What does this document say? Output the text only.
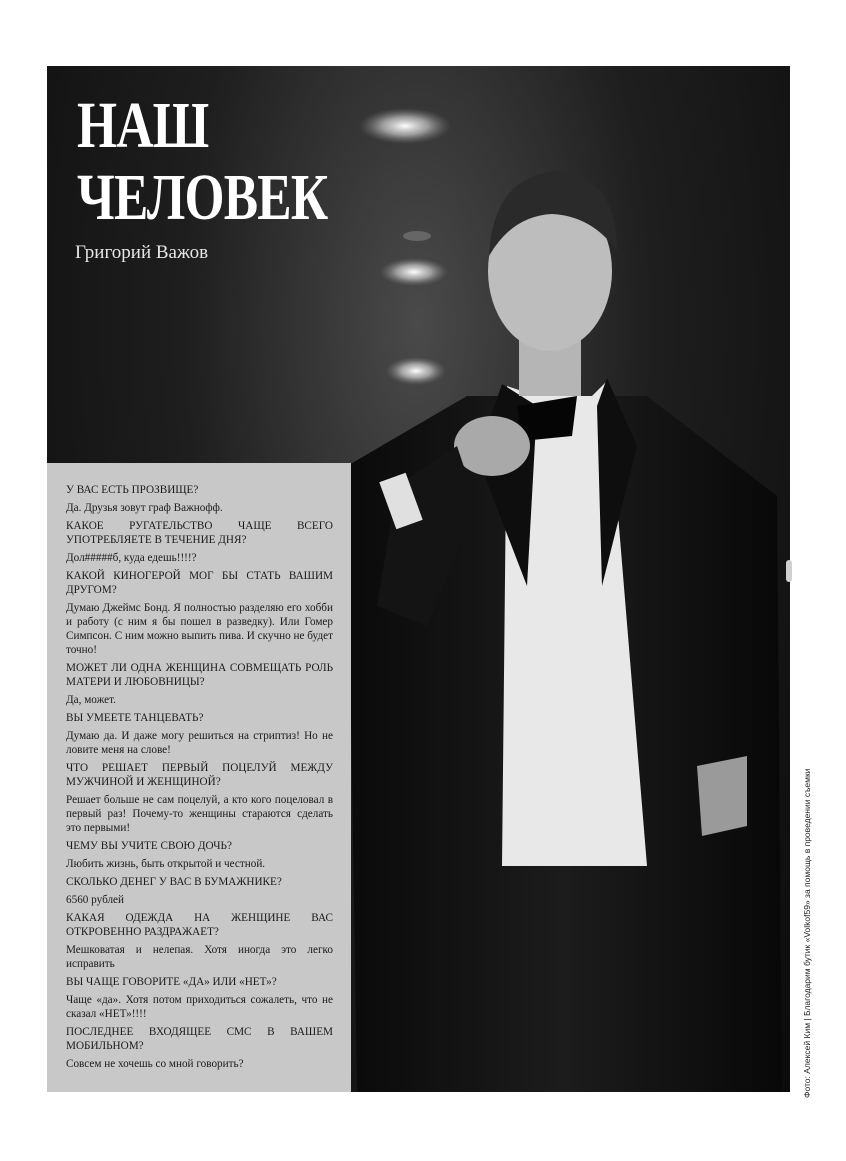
НАШ
ЧЕЛОВЕК
Григорий Важов

У ВАС ЕСТЬ ПРОЗВИЩЕ?

Да. Друзья зовут граф Важнофф.

КАКОЕ РУГАТЕЛЬСТВО ЧАЩЕ ВСЕГО УПОТРЕБЛЯЕТЕ В ТЕЧЕНИЕ ДНЯ?

Дол#####б, куда едешь!!!!?

КАКОЙ КИНОГЕРОЙ МОГ БЫ СТАТЬ ВАШИМ ДРУГОМ?

Думаю Джеймс Бонд. Я полностью разделяю его хобби и работу (с ним я бы пошел в разведку). Или Гомер Симпсон. С ним можно выпить пива. И скучно не будет точно!

МОЖЕТ ЛИ ОДНА ЖЕНЩИНА СОВМЕЩАТЬ РОЛЬ МАТЕРИ И ЛЮБОВНИЦЫ?

Да, может.

ВЫ УМЕЕТЕ ТАНЦЕВАТЬ?

Думаю да. И даже могу решиться на стриптиз! Но не ловите меня на слове!

ЧТО РЕШАЕТ ПЕРВЫЙ ПОЦЕЛУЙ МЕЖДУ МУЖЧИНОЙ И ЖЕНЩИНОЙ?

Решает больше не сам поцелуй, а кто кого поцеловал в первый раз! Почему-то женщины стараются сделать это первыми!

ЧЕМУ ВЫ УЧИТЕ СВОЮ ДОЧЬ?

Любить жизнь, быть открытой и честной.

СКОЛЬКО ДЕНЕГ У ВАС В БУМАЖНИКЕ?

6560 рублей

КАКАЯ ОДЕЖДА НА ЖЕНЩИНЕ ВАС ОТКРОВЕННО РАЗДРАЖАЕТ?

Мешковатая и нелепая. Хотя иногда это легко исправить

ВЫ ЧАЩЕ ГОВОРИТЕ «ДА» ИЛИ «НЕТ»?

Чаще «да». Хотя потом приходиться сожалеть, что не сказал «НЕТ»!!!!

ПОСЛЕДНЕЕ ВХОДЯЩЕЕ СМС В ВАШЕМ МОБИЛЬНОМ?

Совсем не хочешь со мной говорить?	Фото: Алексей Ким | Благодарим бутик «Volkof59» за помощь в проведении съемки
